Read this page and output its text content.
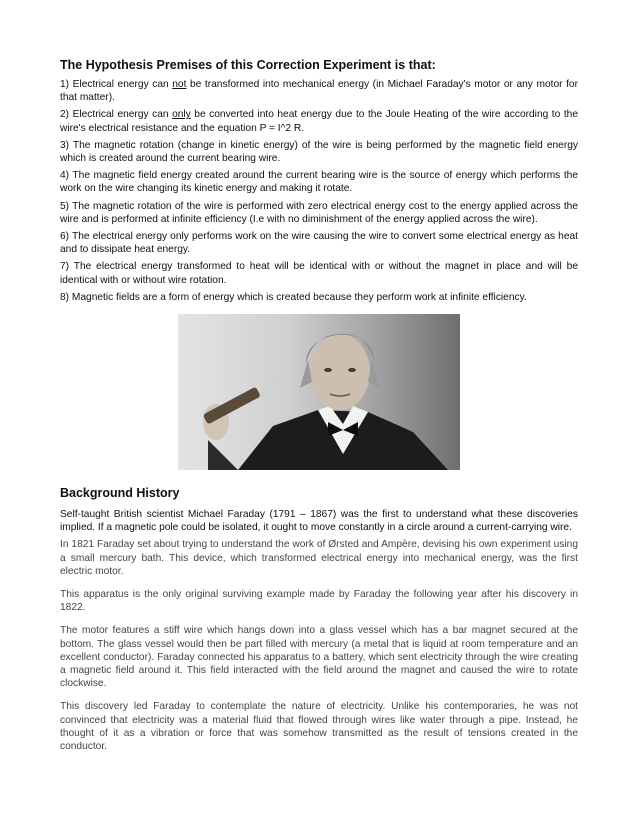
The Hypothesis Premises of this Correction Experiment is that:

1) Electrical energy can not be transformed into mechanical energy (in Michael Faraday's motor or any motor for that matter).

2) Electrical energy can only be converted into heat energy due to the Joule Heating of the wire according to the wire's electrical resistance and the equation P = I^2 R.

3) The magnetic rotation (change in kinetic energy) of the wire is being performed by the magnetic field energy which is created around the current bearing wire.

4) The magnetic field energy created around the current bearing wire is the source of energy which performs the work on the wire changing its kinetic energy and making it rotate.

5) The magnetic rotation of the wire is performed with zero electrical energy cost to the energy applied across the wire and is performed at infinite efficiency (I.e with no diminishment of the energy applied across the wire).

6) The electrical energy only performs work on the wire causing the wire to convert some electrical energy as heat and to dissipate heat energy.

7) The electrical energy transformed to heat will be identical with or without the magnet in place and will be identical with or without wire rotation.

8) Magnetic fields are a form of energy which is created because they perform work at infinite efficiency.

Background History

Self-taught British scientist Michael Faraday (1791 – 1867) was the first to understand what these discoveries implied. If a magnetic pole could be isolated, it ought to move constantly in a circle around a current-carrying wire.

In 1821 Faraday set about trying to understand the work of Ørsted and Ampère, devising his own experiment using a small mercury bath. This device, which transformed electrical energy into mechanical energy, was the first electric motor.

This apparatus is the only original surviving example made by Faraday the following year after his discovery in 1822.

The motor features a stiff wire which hangs down into a glass vessel which has a bar magnet secured at the bottom. The glass vessel would then be part filled with mercury (a metal that is liquid at room temperature and an excellent conductor). Faraday connected his apparatus to a battery, which sent electricity through the wire creating a magnetic field around it. This field interacted with the field around the magnet and caused the wire to rotate clockwise.

This discovery led Faraday to contemplate the nature of electricity. Unlike his contemporaries, he was not convinced that electricity was a material fluid that flowed through wires like water through a pipe. Instead, he thought of it as a vibration or force that was somehow transmitted as the result of tensions created in the conductor.
